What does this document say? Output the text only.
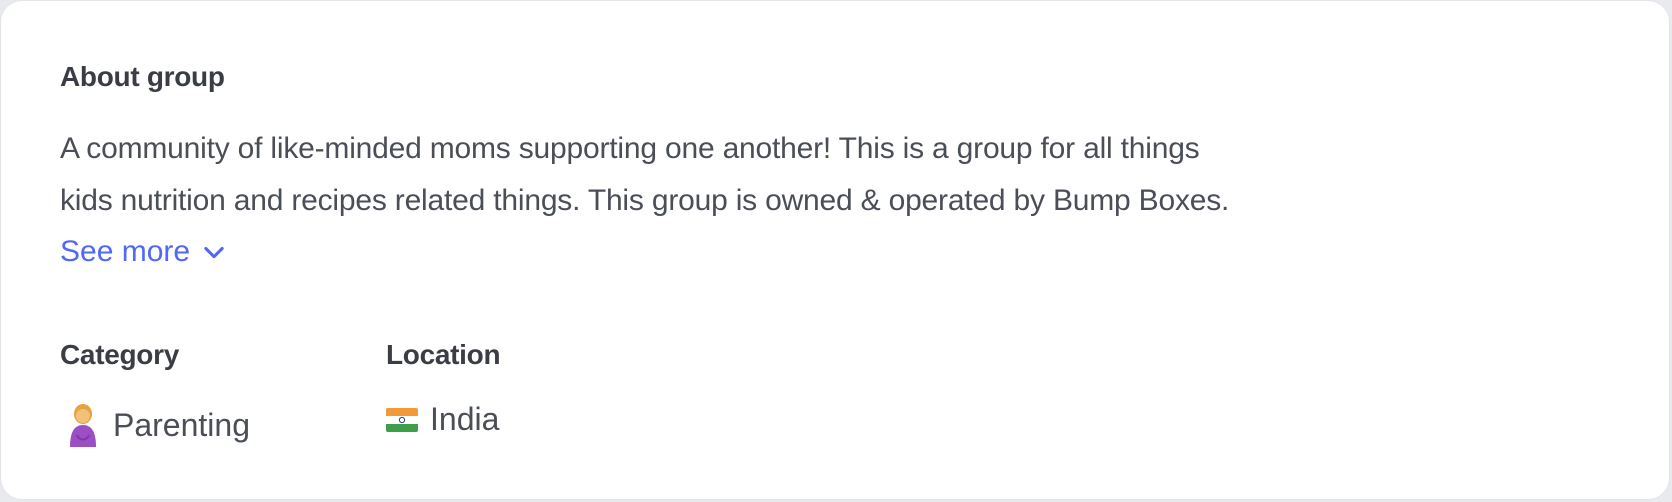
About group
A community of like-minded moms supporting one another! This is a group for all things
kids nutrition and recipes related things. This group is owned & operated by Bump Boxes.
See more
Category	Location
Parenting	India
